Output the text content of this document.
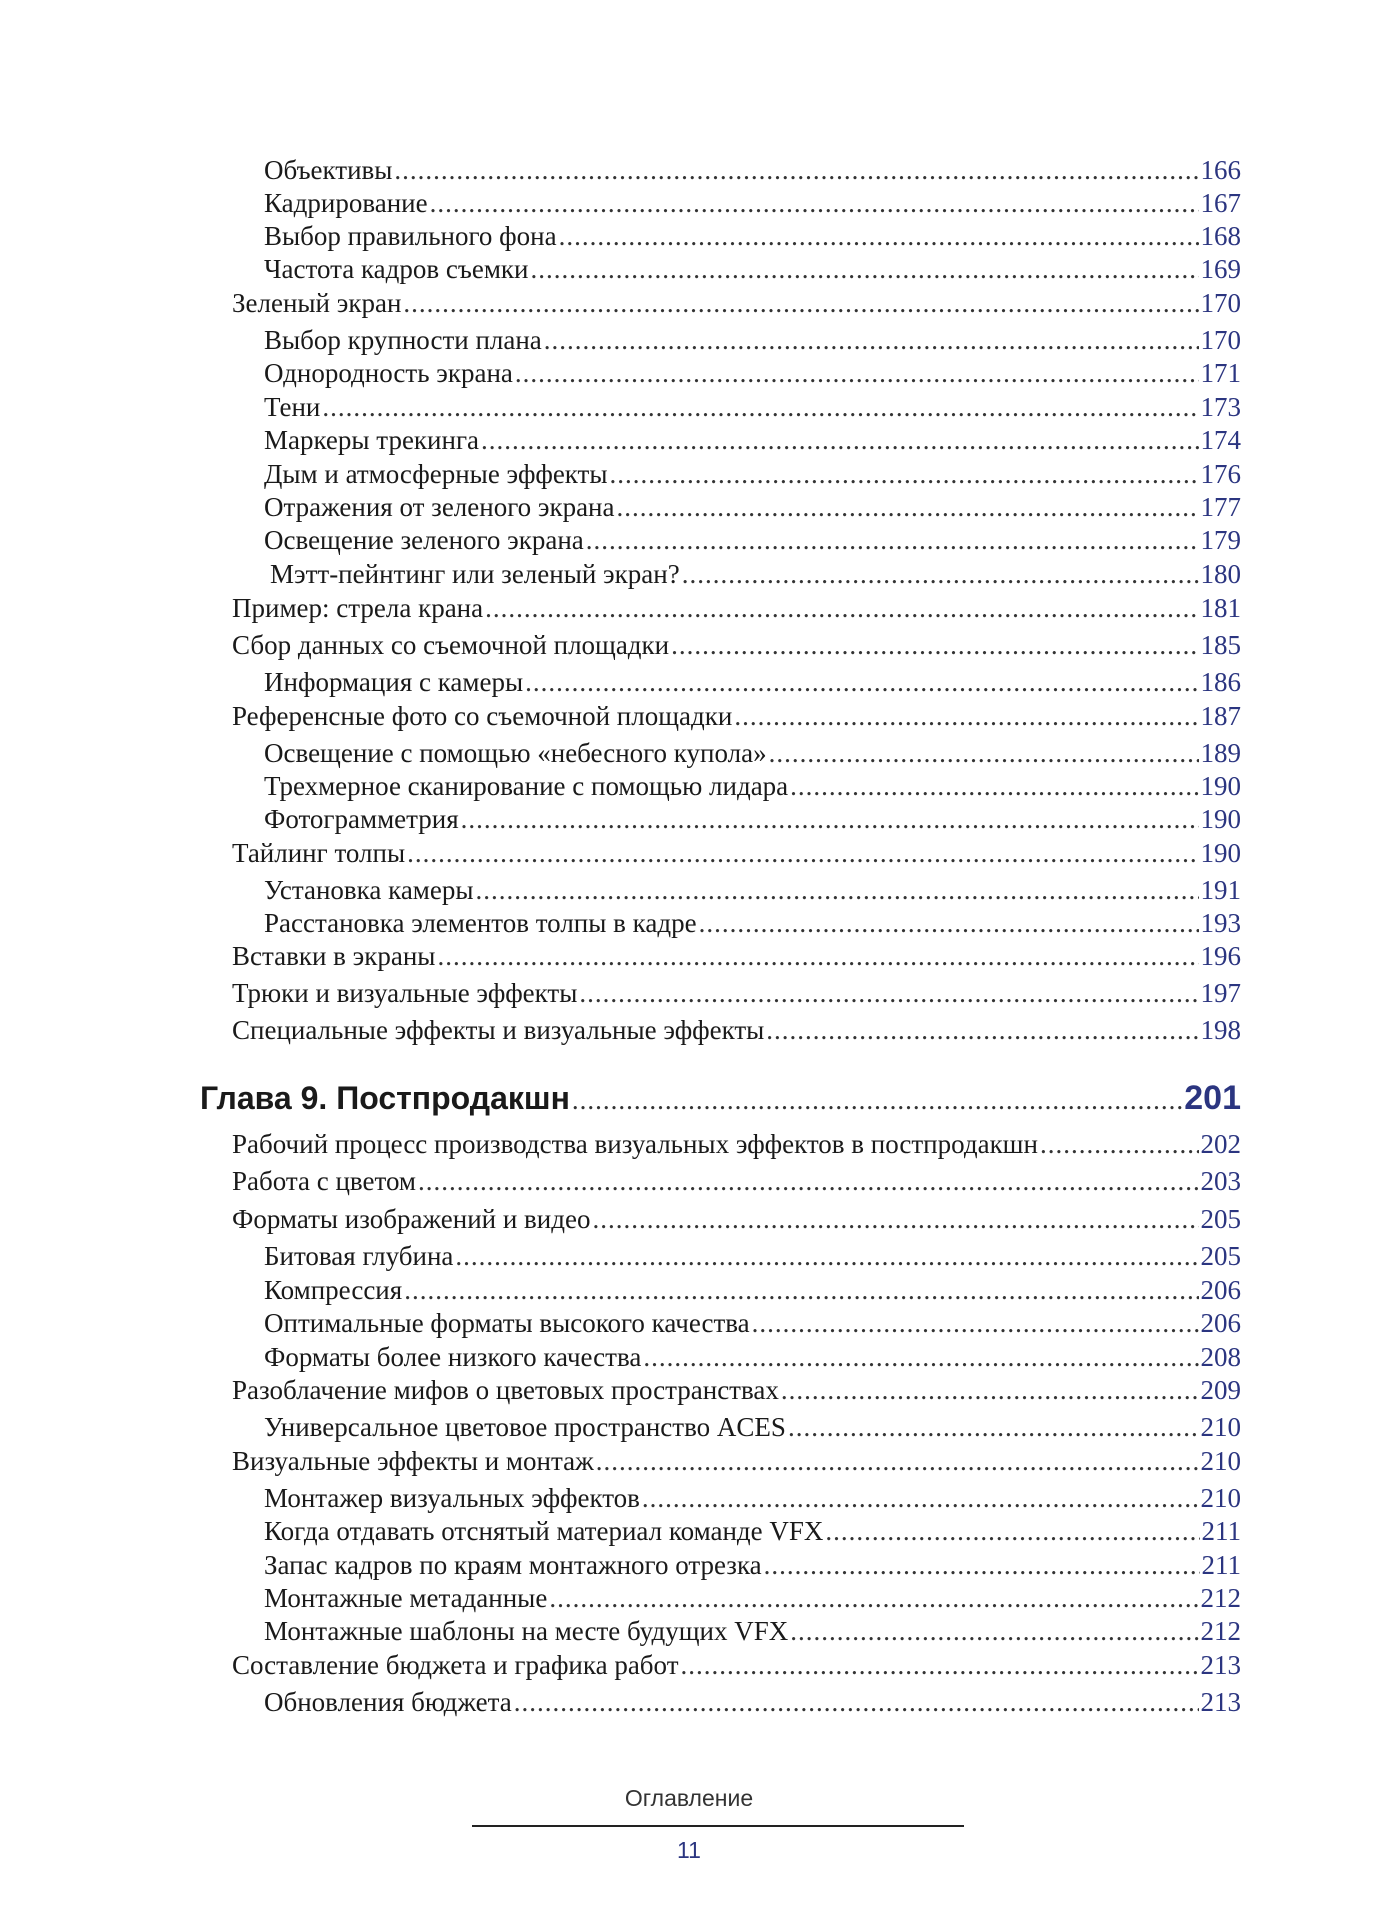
Объективы .....	166
Кадрирование .....	167
Выбор правильного фона .....	168
Частота кадров съемки .....	169
Зеленый экран .....	170
Выбор крупности плана .....	170
Однородность экрана .....	171
Тени .....	173
Маркеры трекинга .....	174
Дым и атмосферные эффекты .....	176
Отражения от зеленого экрана .....	177
Освещение зеленого экрана .....	179
Мэтт-пейнтинг или зеленый экран? .....	180
Пример: стрела крана .....	181
Сбор данных со съемочной площадки .....	185
Информация с камеры .....	186
Референсные фото со съемочной площадки .....	187
Освещение с помощью «небесного купола» .....	189
Трехмерное сканирование с помощью лидара .....	190
Фотограмметрия .....	190
Тайлинг толпы .....	190
Установка камеры .....	191
Расстановка элементов толпы в кадре .....	193
Вставки в экраны .....	196
Трюки и визуальные эффекты .....	197
Специальные эффекты и визуальные эффекты .....	198
Глава 9. Постпродакшн .....	201
Рабочий процесс производства визуальных эффектов в постпродакшн .....	202
Работа с цветом .....	203
Форматы изображений и видео .....	205
Битовая глубина .....	205
Компрессия .....	206
Оптимальные форматы высокого качества .....	206
Форматы более низкого качества .....	208
Разоблачение мифов о цветовых пространствах .....	209
Универсальное цветовое пространство ACES .....	210
Визуальные эффекты и монтаж .....	210
Монтажер визуальных эффектов .....	210
Когда отдавать отснятый материал команде VFX .....	211
Запас кадров по краям монтажного отрезка .....	211
Монтажные метаданные .....	212
Монтажные шаблоны на месте будущих VFX .....	212
Составление бюджета и графика работ .....	213
Обновления бюджета .....	213
Оглавление
11
